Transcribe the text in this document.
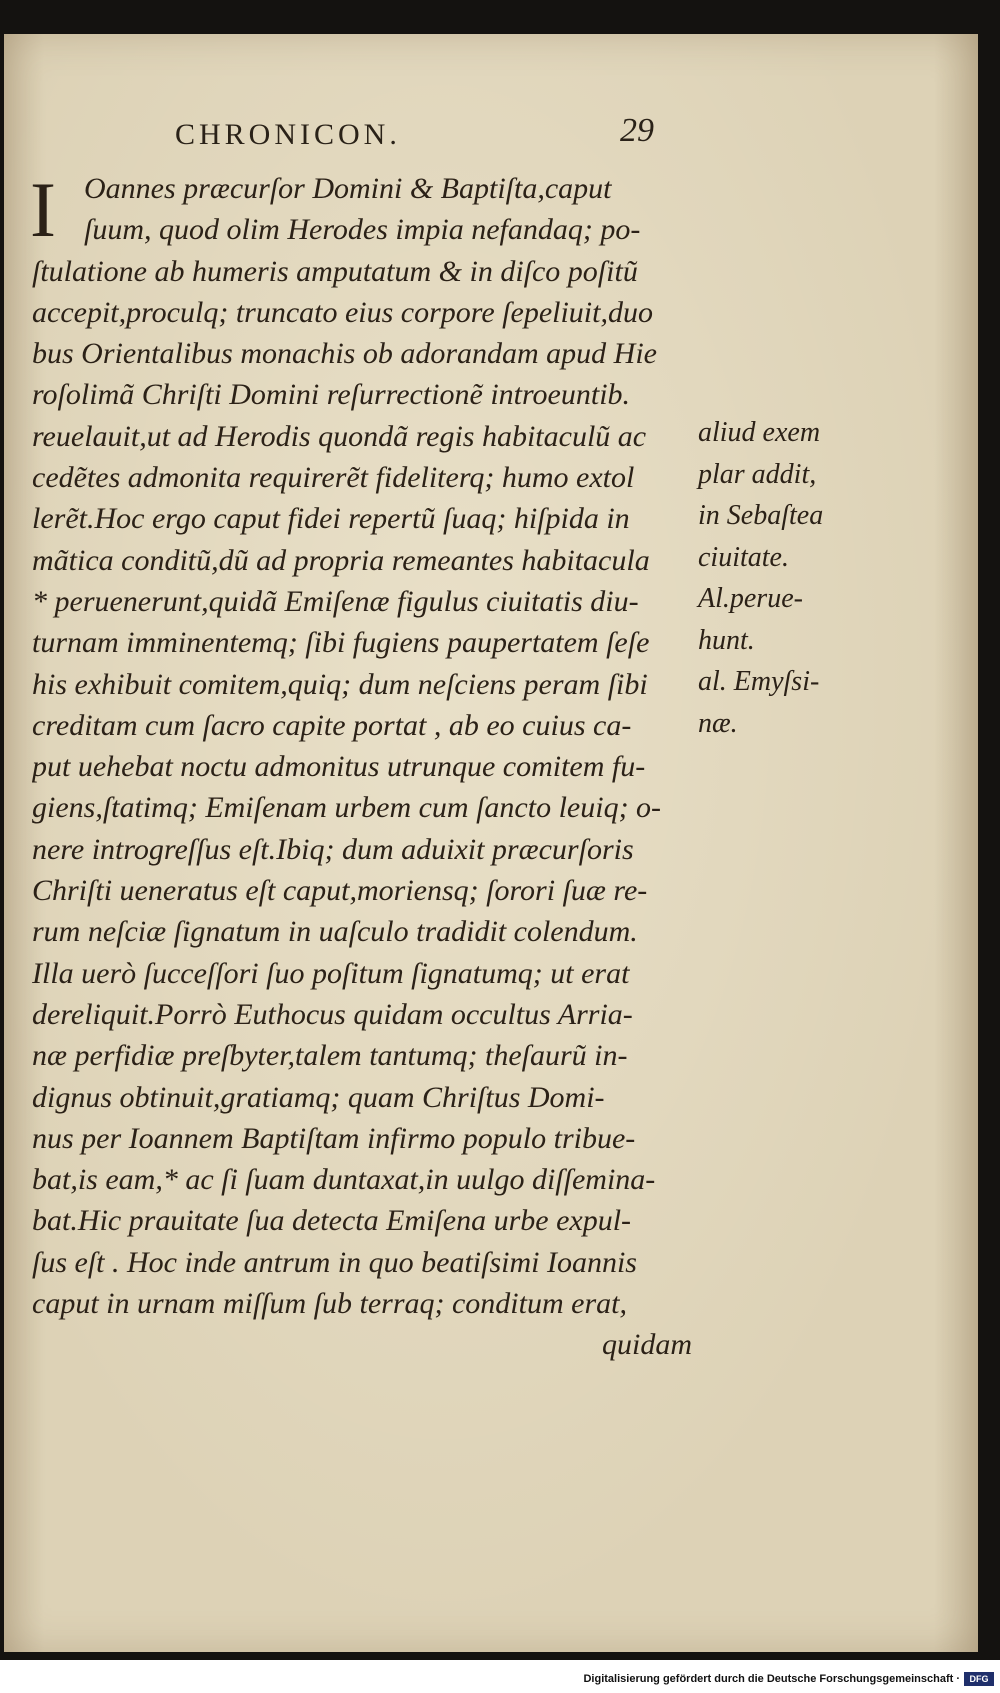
CHRONICON.	29
I Oannes præcurſor Domini & Baptiſta,caput
ſuum, quod olim Herodes impia nefandaq; po-
ſtulatione ab humeris amputatum & in diſco poſitũ
accepit,proculq; truncato eius corpore ſepeliuit,duo
bus Orientalibus monachis ob adorandam apud Hie
roſolimã Chriſti Domini reſurrectionẽ introeuntib.
reuelauit,ut ad Herodis quondã regis habitaculũ ac
cedẽtes admonita requirerẽt fideliterq; humo extol
lerẽt.Hoc ergo caput fidei repertũ ſuaq; hiſpida in
mãtica conditũ,dũ ad propria remeantes habitacula
* peruenerunt,quidã Emiſenæ figulus ciuitatis diu-
turnam imminentemq; ſibi fugiens paupertatem ſeſe
his exhibuit comitem,quiq; dum neſciens peram ſibi
creditam cum ſacro capite portat , ab eo cuius ca-
put uehebat noctu admonitus utrunque comitem fu-
giens,ſtatimq; Emiſenam urbem cum ſancto leuiq; o-
nere introgreſſus eſt.Ibiq; dum aduixit præcurſoris
Chriſti ueneratus eſt caput,moriensq; ſorori ſuæ re-
rum neſciæ ſignatum in uaſculo tradidit colendum.
Illa uerò ſucceſſori ſuo poſitum ſignatumq; ut erat
dereliquit.Porrò Euthocus quidam occultus Arria-
næ perfidiæ preſbyter,talem tantumq; theſaurũ in-
dignus obtinuit,gratiamq; quam Chriſtus Domi-
nus per Ioannem Baptiſtam infirmo populo tribue-
bat,is eam,* ac ſi ſuam duntaxat,in uulgo diſſemina-
bat.Hic prauitate ſua detecta Emiſena urbe expul-
ſus eſt . Hoc inde antrum in quo beatiſsimi Ioannis
caput in urnam miſſum ſub terraq; conditum erat,
quidam
aliud exem
plar addit,
in Sebaſtea
ciuitate.
Al.perue-
hunt.
al. Emyſsi-
næ.
Digitalisierung gefördert durch die Deutsche Forschungsgemeinschaft ·	DFG
